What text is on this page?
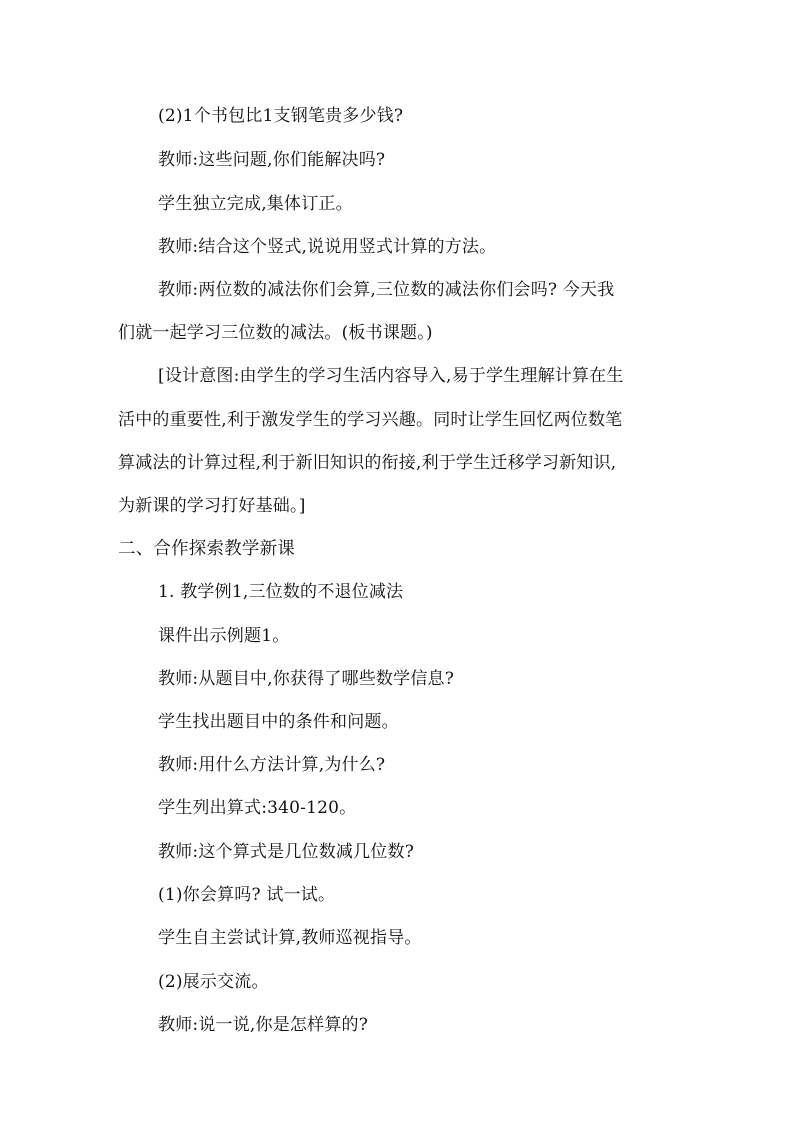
(2)1个书包比1支钢笔贵多少钱?
教师:这些问题,你们能解决吗?
学生独立完成,集体订正。
教师:结合这个竖式,说说用竖式计算的方法。
教师:两位数的减法你们会算,三位数的减法你们会吗? 今天我
们就一起学习三位数的减法。(板书课题。)
[设计意图:由学生的学习生活内容导入,易于学生理解计算在生
活中的重要性,利于激发学生的学习兴趣。同时让学生回忆两位数笔
算减法的计算过程,利于新旧知识的衔接,利于学生迁移学习新知识,
为新课的学习打好基础。]
二、合作探索教学新课
1. 教学例1,三位数的不退位减法
课件出示例题1。
教师:从题目中,你获得了哪些数学信息?
学生找出题目中的条件和问题。
教师:用什么方法计算,为什么?
学生列出算式:340-120。
教师:这个算式是几位数减几位数?
(1)你会算吗? 试一试。
学生自主尝试计算,教师巡视指导。
(2)展示交流。
教师:说一说,你是怎样算的?
